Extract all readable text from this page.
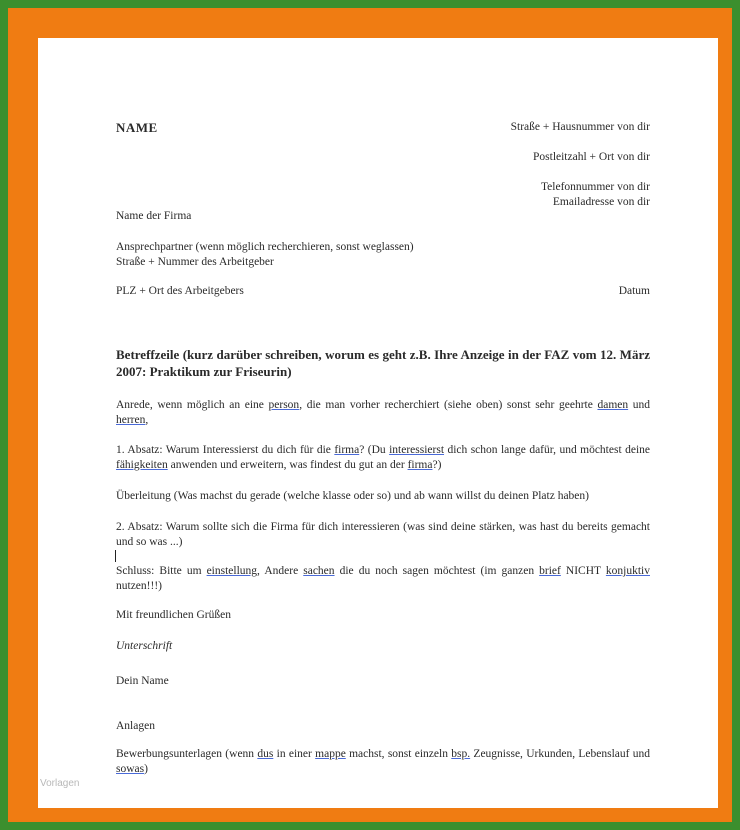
NAME	Straße + Hausnummer von dir
Postleitzahl + Ort von dir
Telefonnummer von dir
Emailadresse von dir
Name der Firma
Ansprechpartner (wenn möglich recherchieren, sonst weglassen)
Straße + Nummer des Arbeitgeber
PLZ + Ort des Arbeitgebers	Datum
Betreffzeile (kurz darüber schreiben, worum es geht z.B. Ihre Anzeige in der FAZ vom 12. März 2007: Praktikum zur Friseurin)
Anrede, wenn möglich an eine person, die man vorher recherchiert (siehe oben) sonst sehr geehrte damen und herren,
1. Absatz: Warum Interessierst du dich für die firma? (Du interessierst dich schon lange dafür, und möchtest deine fähigkeiten anwenden und erweitern, was findest du gut an der firma?)
Überleitung (Was machst du gerade (welche klasse oder so) und ab wann willst du deinen Platz haben)
2. Absatz: Warum sollte sich die Firma für dich interessieren (was sind deine stärken, was hast du bereits gemacht und so was ...)
Schluss: Bitte um einstellung, Andere sachen die du noch sagen möchtest (im ganzen brief NICHT konjuktiv nutzen!!!)
Mit freundlichen Grüßen
Unterschrift
Dein Name
Anlagen
Bewerbungsunterlagen (wenn dus in einer mappe machst, sonst einzeln bsp. Zeugnisse, Urkunden, Lebenslauf und sowas)
Vorlagen
